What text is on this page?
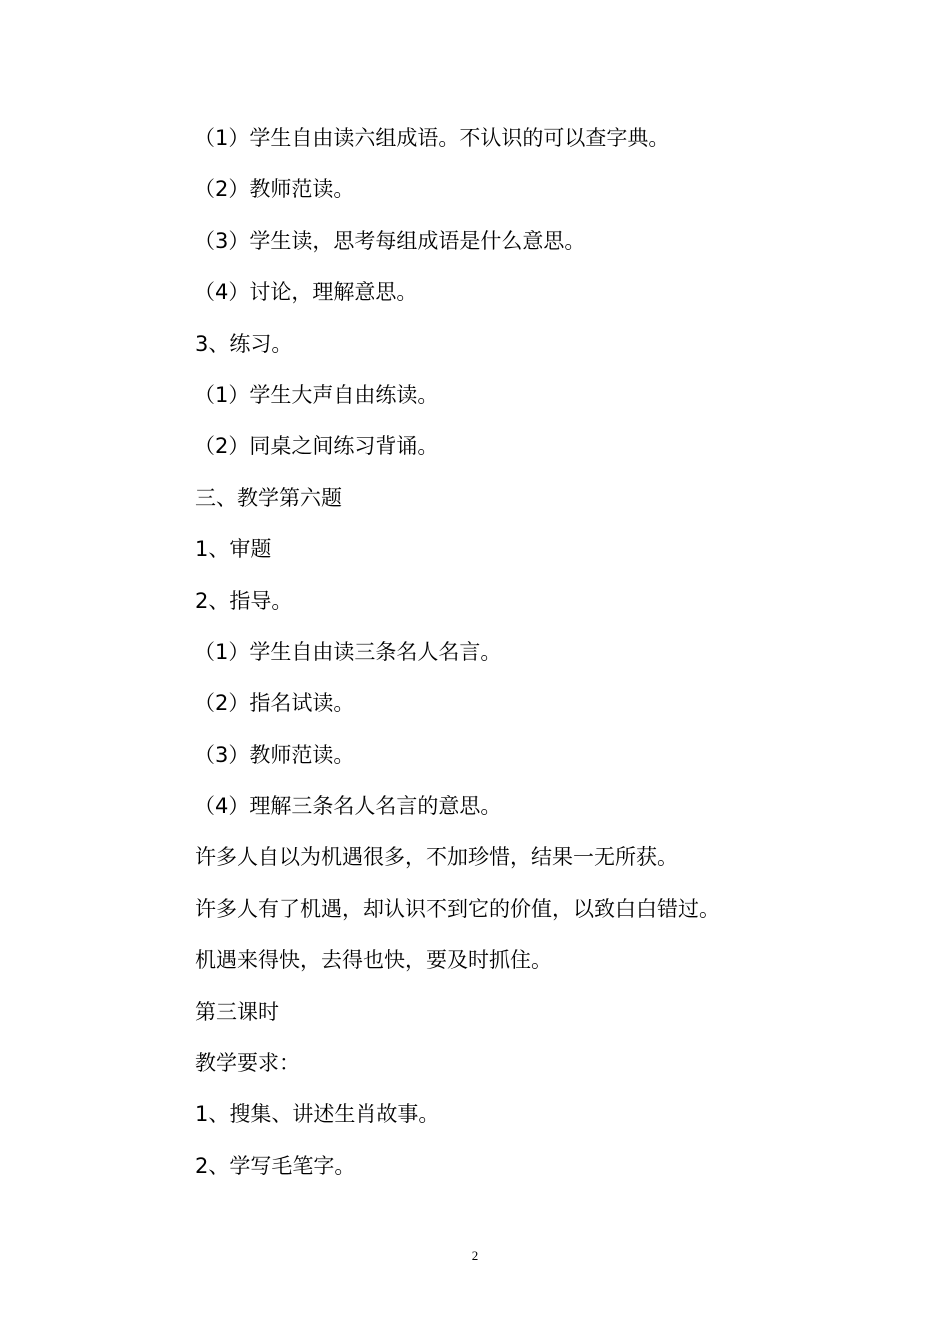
（1）学生自由读六组成语。不认识的可以查字典。
（2）教师范读。
（3）学生读，思考每组成语是什么意思。
（4）讨论，理解意思。
3、练习。
（1）学生大声自由练读。
（2）同桌之间练习背诵。
三、教学第六题
1、审题
2、指导。
（1）学生自由读三条名人名言。
（2）指名试读。
（3）教师范读。
（4）理解三条名人名言的意思。
许多人自以为机遇很多，不加珍惜，结果一无所获。
许多人有了机遇，却认识不到它的价值，以致白白错过。
机遇来得快，去得也快，要及时抓住。
第三课时
教学要求：
1、搜集、讲述生肖故事。
2、学写毛笔字。
2
